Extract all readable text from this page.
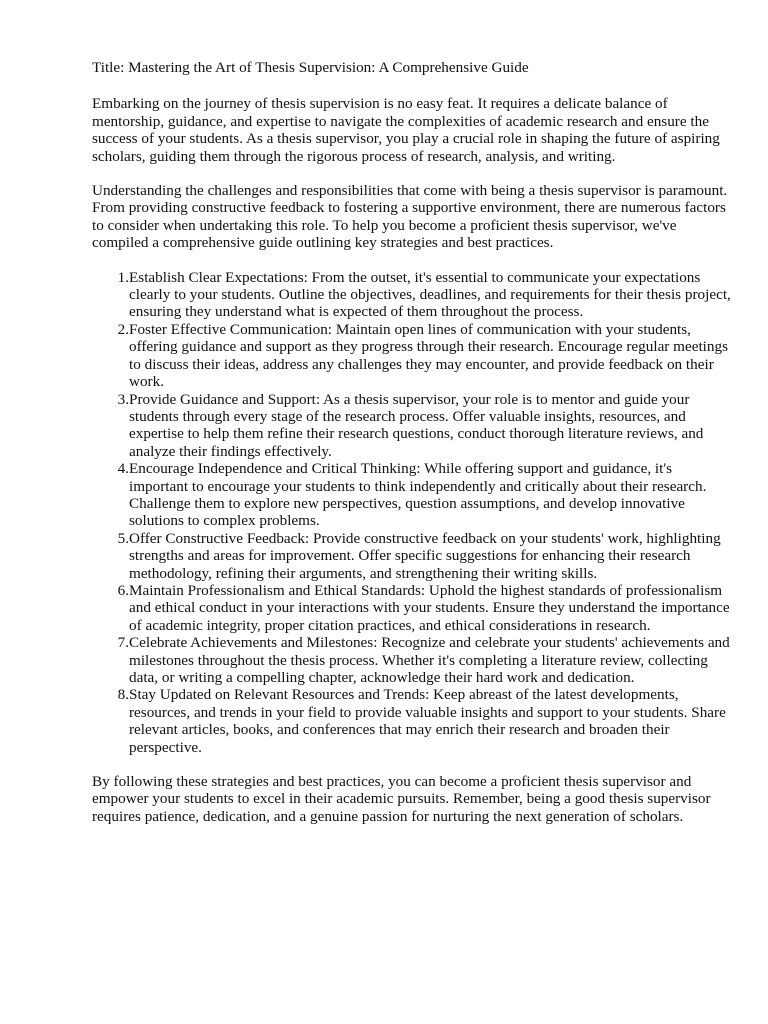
Title: Mastering the Art of Thesis Supervision: A Comprehensive Guide

Embarking on the journey of thesis supervision is no easy feat. It requires a delicate balance of mentorship, guidance, and expertise to navigate the complexities of academic research and ensure the success of your students. As a thesis supervisor, you play a crucial role in shaping the future of aspiring scholars, guiding them through the rigorous process of research, analysis, and writing.

Understanding the challenges and responsibilities that come with being a thesis supervisor is paramount. From providing constructive feedback to fostering a supportive environment, there are numerous factors to consider when undertaking this role. To help you become a proficient thesis supervisor, we've compiled a comprehensive guide outlining key strategies and best practices.

1. Establish Clear Expectations: From the outset, it's essential to communicate your expectations clearly to your students. Outline the objectives, deadlines, and requirements for their thesis project, ensuring they understand what is expected of them throughout the process.
2. Foster Effective Communication: Maintain open lines of communication with your students, offering guidance and support as they progress through their research. Encourage regular meetings to discuss their ideas, address any challenges they may encounter, and provide feedback on their work.
3. Provide Guidance and Support: As a thesis supervisor, your role is to mentor and guide your students through every stage of the research process. Offer valuable insights, resources, and expertise to help them refine their research questions, conduct thorough literature reviews, and analyze their findings effectively.
4. Encourage Independence and Critical Thinking: While offering support and guidance, it's important to encourage your students to think independently and critically about their research. Challenge them to explore new perspectives, question assumptions, and develop innovative solutions to complex problems.
5. Offer Constructive Feedback: Provide constructive feedback on your students' work, highlighting strengths and areas for improvement. Offer specific suggestions for enhancing their research methodology, refining their arguments, and strengthening their writing skills.
6. Maintain Professionalism and Ethical Standards: Uphold the highest standards of professionalism and ethical conduct in your interactions with your students. Ensure they understand the importance of academic integrity, proper citation practices, and ethical considerations in research.
7. Celebrate Achievements and Milestones: Recognize and celebrate your students' achievements and milestones throughout the thesis process. Whether it's completing a literature review, collecting data, or writing a compelling chapter, acknowledge their hard work and dedication.
8. Stay Updated on Relevant Resources and Trends: Keep abreast of the latest developments, resources, and trends in your field to provide valuable insights and support to your students. Share relevant articles, books, and conferences that may enrich their research and broaden their perspective.

By following these strategies and best practices, you can become a proficient thesis supervisor and empower your students to excel in their academic pursuits. Remember, being a good thesis supervisor requires patience, dedication, and a genuine passion for nurturing the next generation of scholars.
